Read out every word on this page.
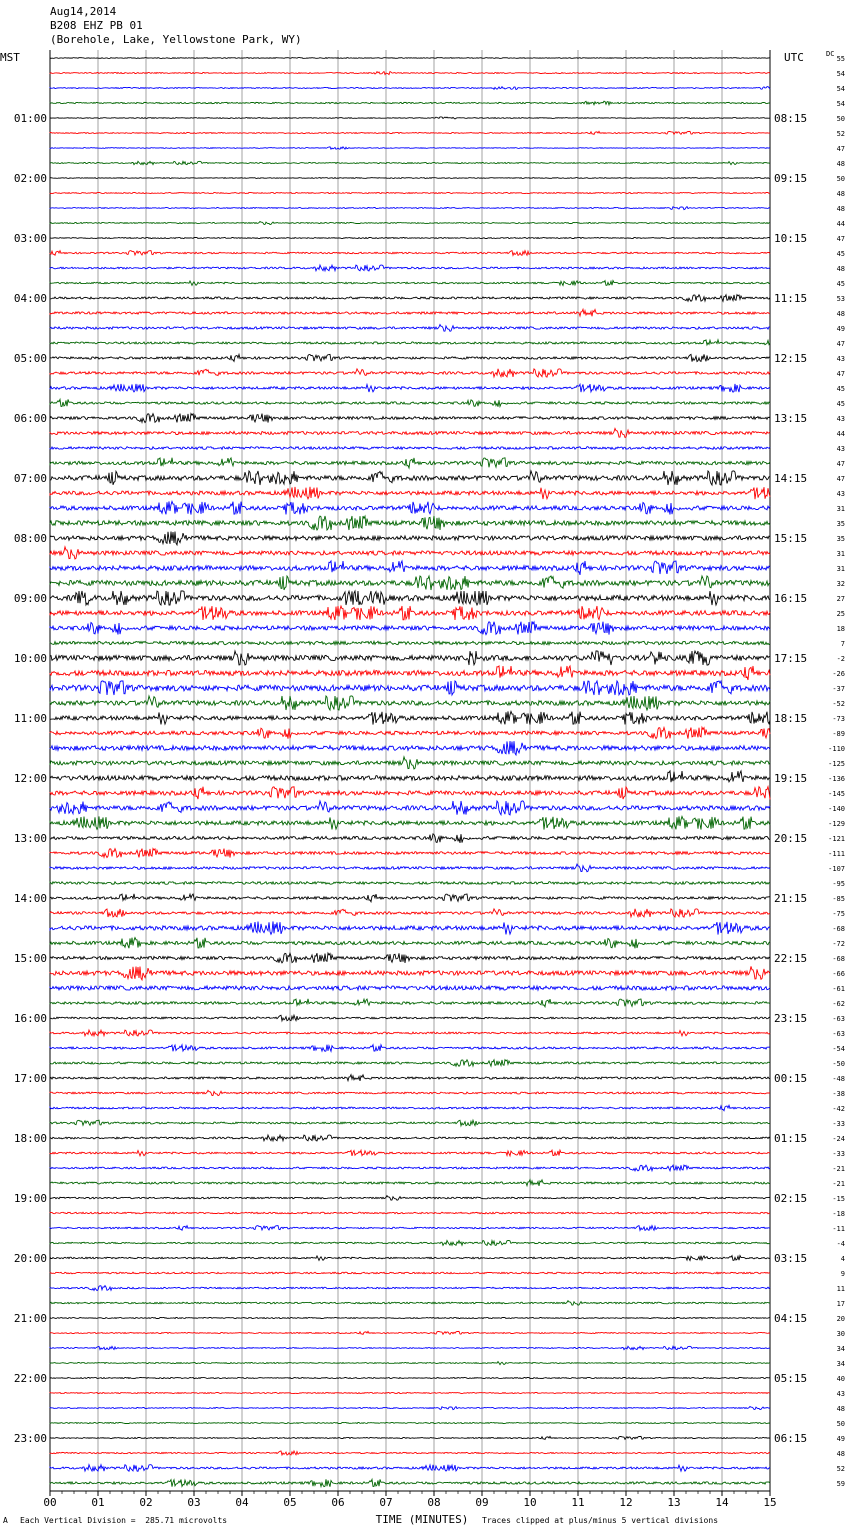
Aug14,2014
B208 EHZ PB 01
(Borehole, Lake, Yellowstone Park, WY)
00	01	02	03	04	05	06	07	08	09	10	11	12	13	14	15
55
54
54
54
50
01:00	08:15
52
47
48
50
02:00	09:15
48
48
44
47
03:00	10:15
45
48
45
53
04:00	11:15
48
49
47
43
05:00	12:15
47
45
45
43
06:00	13:15
44
43
47
47
07:00	14:15
43
31
35
35
08:00	15:15
31
31
32
27
09:00	16:15
25
18
7
-2
10:00	17:15
-26
-37
-52
-73
11:00	18:15
-89
-110
-125
-136
12:00	19:15
-145
-140
-129
-121
13:00	20:15
-111
-107
-95
-85
14:00	21:15
-75
-68
-72
-68
15:00	22:15
-66
-61
-62
-63
16:00	23:15
-63
-54
-50
-48
17:00	00:15
-38
-42
-33
-24
18:00	01:15
-33
-21
-21
-15
19:00	02:15
-18
-11
-4
4
20:00	03:15
9
11
17
20
21:00	04:15
30
34
34
40
22:00	05:15
43
48
50
49
23:00	06:15
48
52
59
MST	UTC	DC
TIME (MINUTES)
A Each Vertical Division =  285.71 microvolts	Traces clipped at plus/minus 5 vertical divisions
